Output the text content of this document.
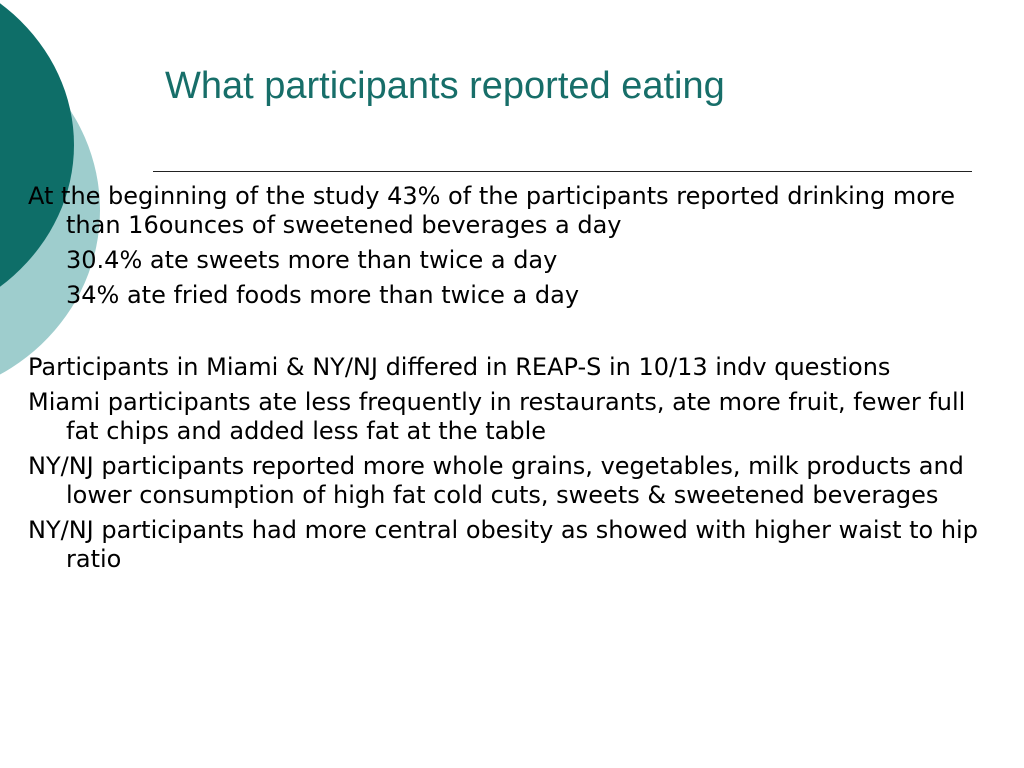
What participants reported eating
At the beginning of the study 43% of the participants reported drinking more than 16ounces of sweetened beverages a day
30.4% ate sweets more than twice a day
34% ate fried foods more than twice a day
Participants in Miami & NY/NJ differed in REAP-S in 10/13 indv questions
Miami participants ate less frequently in restaurants, ate more fruit, fewer full fat chips and added less fat at the table
NY/NJ participants reported more whole grains, vegetables, milk products and lower consumption of high fat cold cuts, sweets & sweetened beverages
NY/NJ participants had more central obesity as showed with higher waist to hip ratio
